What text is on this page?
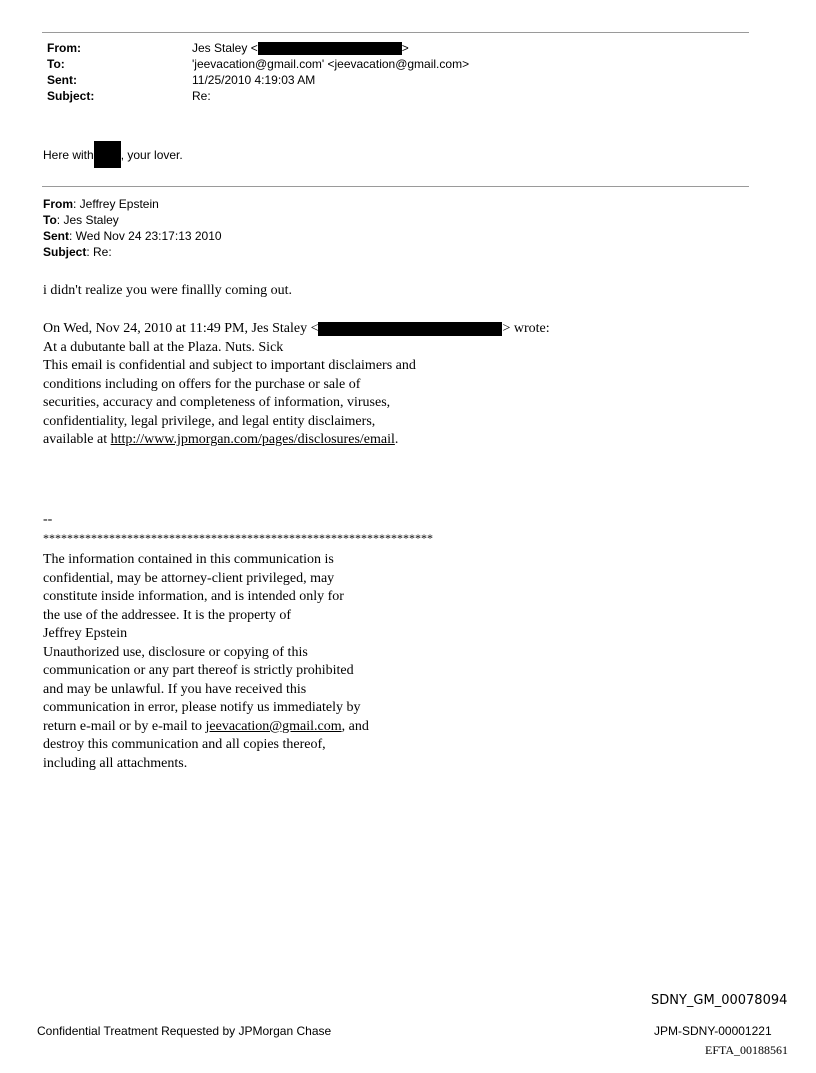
From:	Jes Staley <	>
To:	'jeevacation@gmail.com' <jeevacation@gmail.com>
Sent:	11/25/2010 4:19:03 AM
Subject:	Re:
Here with , your lover.
From: Jeffrey Epstein
To: Jes Staley
Sent: Wed Nov 24 23:17:13 2010
Subject: Re:
i didn't realize you were finallly coming out.
On Wed, Nov 24, 2010 at 11:49 PM, Jes Staley <	> wrote:
At a dubutante ball at the Plaza. Nuts. Sick
This email is confidential and subject to important disclaimers and
conditions including on offers for the purchase or sale of
securities, accuracy and completeness of information, viruses,
confidentiality, legal privilege, and legal entity disclaimers,
available at http://www.jpmorgan.com/pages/disclosures/email.
--
*****************************************************************
The information contained in this communication is
confidential, may be attorney-client privileged, may
constitute inside information, and is intended only for
the use of the addressee. It is the property of
Jeffrey Epstein
Unauthorized use, disclosure or copying of this
communication or any part thereof is strictly prohibited
and may be unlawful. If you have received this
communication in error, please notify us immediately by
return e-mail or by e-mail to jeevacation@gmail.com, and
destroy this communication and all copies thereof,
including all attachments.
SDNY_GM_00078094
Confidential Treatment Requested by JPMorgan Chase	JPM-SDNY-00001221
EFTA_00188561
